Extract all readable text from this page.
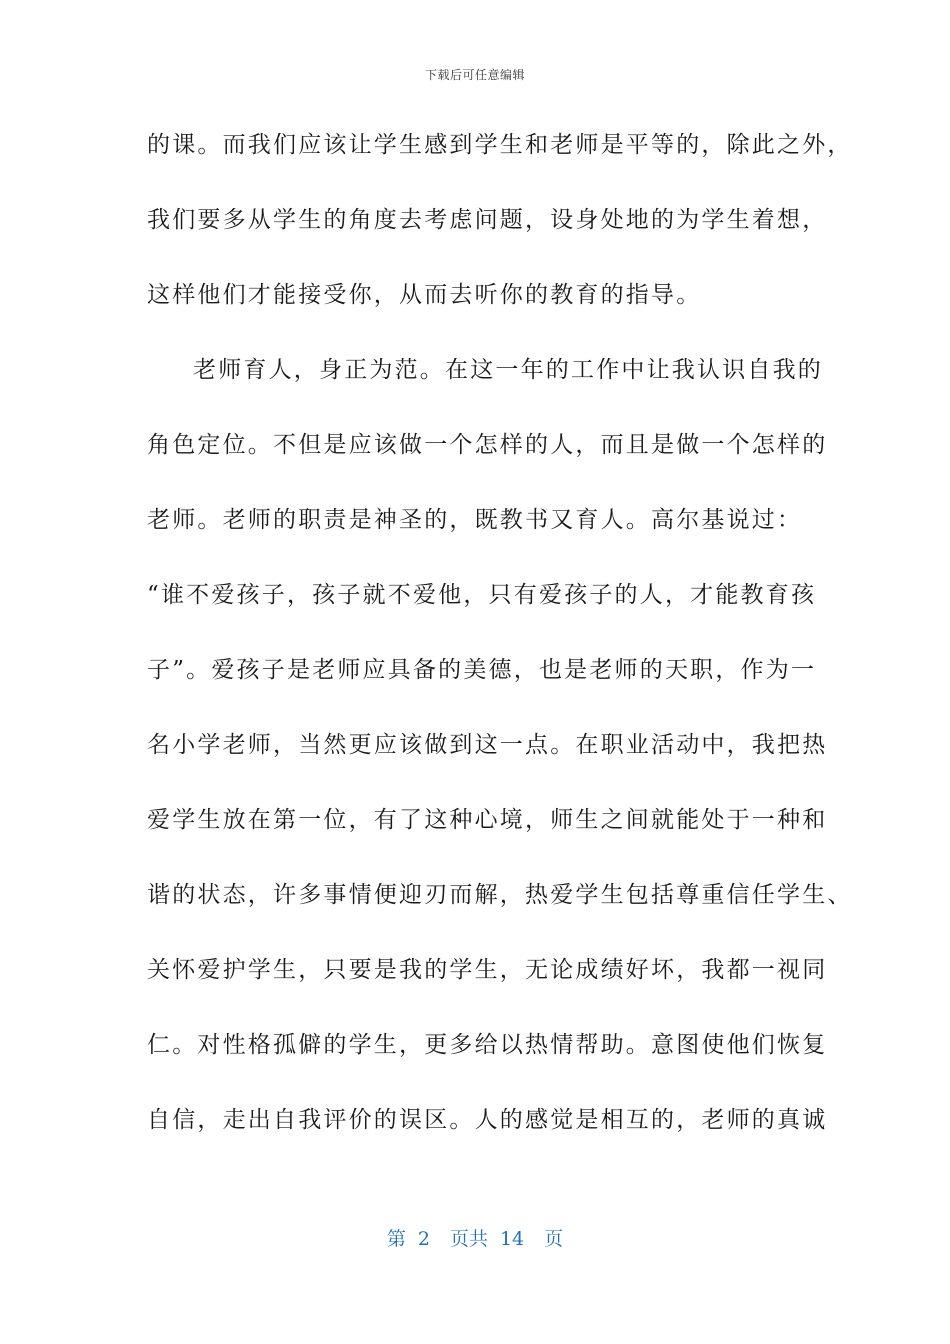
下载后可任意编辑
的课。而我们应该让学生感到学生和老师是平等的，除此之外，
我们要多从学生的角度去考虑问题，设身处地的为学生着想，
这样他们才能接受你，从而去听你的教育的指导。
老师育人，身正为范。在这一年的工作中让我认识自我的
角色定位。不但是应该做一个怎样的人，而且是做一个怎样的
老师。老师的职责是神圣的，既教书又育人。高尔基说过：
“谁不爱孩子，孩子就不爱他，只有爱孩子的人，才能教育孩
子”。爱孩子是老师应具备的美德，也是老师的天职，作为一
名小学老师，当然更应该做到这一点。在职业活动中，我把热
爱学生放在第一位，有了这种心境，师生之间就能处于一种和
谐的状态，许多事情便迎刃而解，热爱学生包括尊重信任学生、
关怀爱护学生，只要是我的学生，无论成绩好坏，我都一视同
仁。对性格孤僻的学生，更多给以热情帮助。意图使他们恢复
自信，走出自我评价的误区。人的感觉是相互的，老师的真诚
第 2 页共 14 页
